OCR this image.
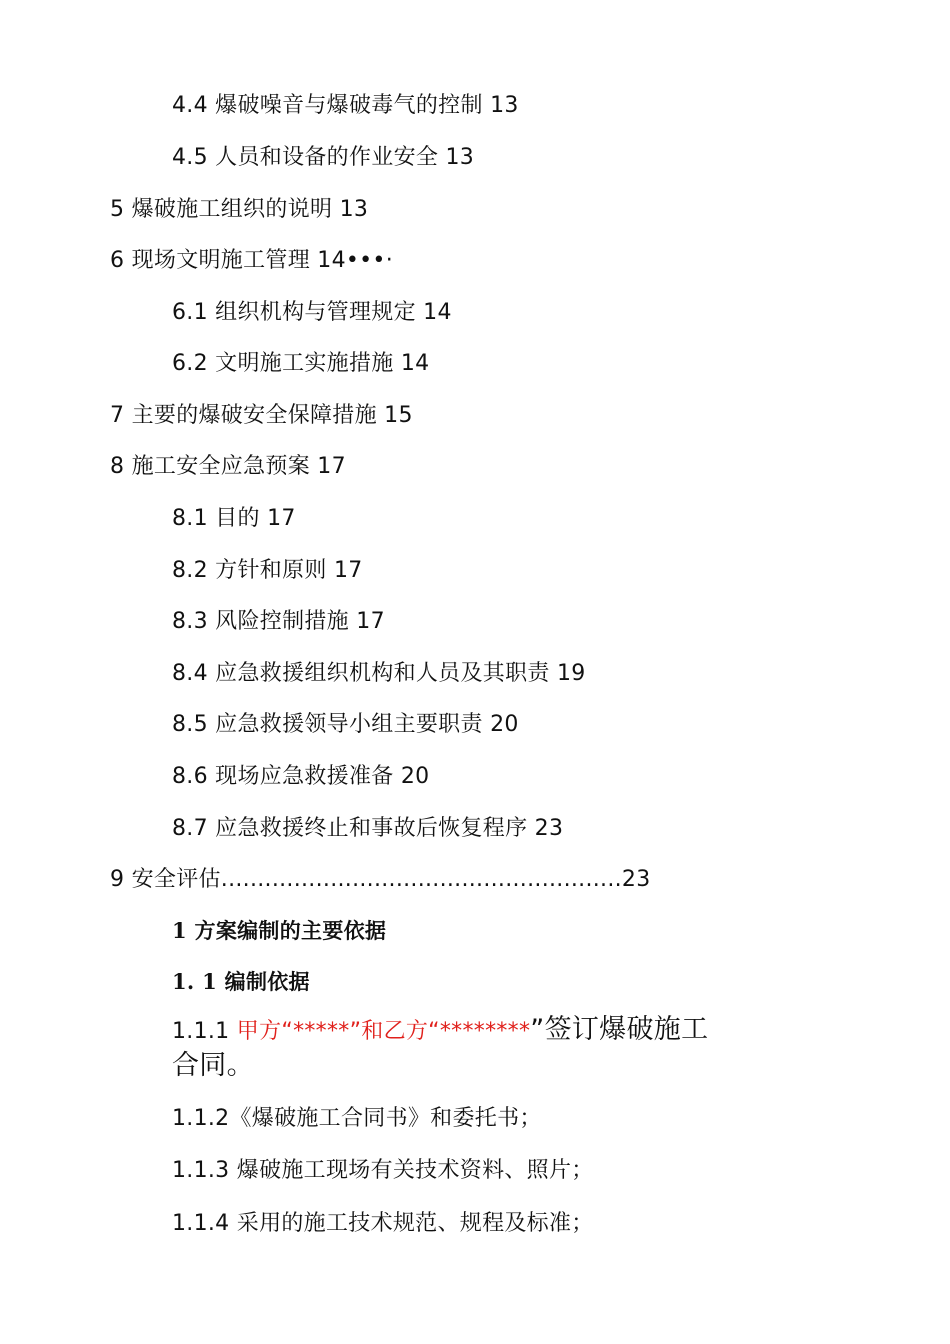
4.4 爆破噪音与爆破毒气的控制 13
4.5 人员和设备的作业安全 13
5 爆破施工组织的说明 13
6 现场文明施工管理 14•••·
6.1 组织机构与管理规定 14
6.2 文明施工实施措施 14
7 主要的爆破安全保障措施 15
8 施工安全应急预案 17
8.1 目的 17
8.2 方针和原则 17
8.3 风险控制措施 17
8.4 应急救援组织机构和人员及其职责 19
8.5 应急救援领导小组主要职责 20
8.6 现场应急救援准备 20
8.7 应急救援终止和事故后恢复程序 23
9 安全评估.......................................................23
1 方案编制的主要依据
1. 1 编制依据
1.1.1 甲方“*****”和乙方“********”签订爆破施工
合同。
1.1.2《爆破施工合同书》和委托书；
1.1.3 爆破施工现场有关技术资料、照片；
1.1.4 采用的施工技术规范、规程及标准；
